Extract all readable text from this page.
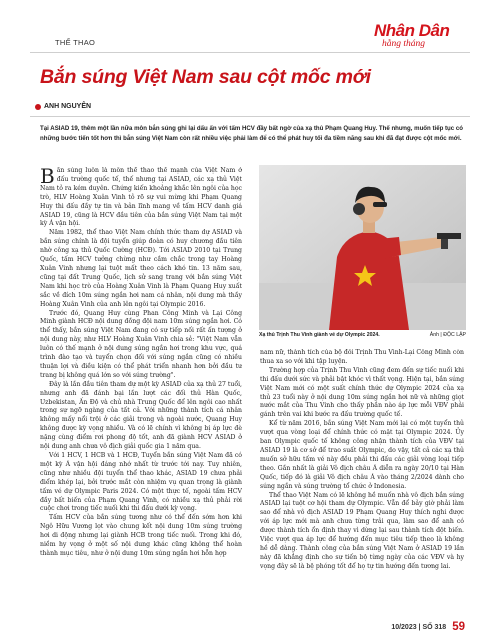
THỂ THAO
Nhân Dân
hằng tháng
Bắn súng Việt Nam sau cột mốc mới
ANH NGUYÊN
Tại ASIAD 19, thêm một lần nữa môn bắn súng ghi lại dấu ấn với tấm HCV đầy bất ngờ của xạ thủ Phạm Quang Huy. Thế nhưng, muốn tiếp tục có những bước tiến tốt hơn thì bắn súng Việt Nam còn rất nhiều việc phải làm để có thể phát huy tối đa tiềm năng sau khi đã đạt được cột mốc mới.

Bắn súng luôn là môn thể thao thế mạnh của Việt Nam ở đấu trường quốc tế, thế nhưng tại ASIAD, các xạ thủ Việt Nam tỏ ra kém duyên. Chứng kiến khoảng khắc lên ngôi của học trò, HLV Hoàng Xuân Vinh tỏ rõ sự vui mừng khi Phạm Quang Huy thi đấu đầy tự tin và bản lĩnh mang về tấm HCV danh giá ASIAD 19, cũng là HCV đầu tiên của bắn súng Việt Nam tại một kỳ Á vận hội.

Năm 1982, thể thao Việt Nam chính thức tham dự ASIAD và bắn súng chính là đội tuyển giúp đoàn có huy chương đầu tiên nhờ công xạ thủ Quốc Cường (HCĐ). Tới ASIAD 2010 tại Trung Quốc, tấm HCV tưởng chừng như cầm chắc trong tay Hoàng Xuân Vinh nhưng lại tuột mất theo cách khó tin. 13 năm sau, cũng tại đất Trung Quốc, lịch sử sang trang với bắn súng Việt Nam khi học trò của Hoàng Xuân Vinh là Phạm Quang Huy xuất sắc về đích 10m súng ngắn hơi nam cá nhân, nội dung mà thầy Hoàng Xuân Vinh của anh lên ngôi tại Olympic 2016.

Trước đó, Quang Huy cùng Phan Công Minh và Lại Công Minh giành HCĐ nội dung đồng đội nam 10m súng ngắn hơi. Có thể thấy, bắn súng Việt Nam đang có sự tiếp nối rất ấn tượng ở nội dung này, như HLV Hoàng Xuân Vinh chia sẻ: "Việt Nam vẫn luôn có thế mạnh ở nội dung súng ngắn hơi trong khu vực, quá trình đào tạo và tuyển chọn đối với súng ngắn cũng có nhiều thuận lợi và điều kiện có thể phát triển nhanh hơn bởi đầu tư trang bị không quá lớn so với súng trường".

Đây là lần đầu tiên tham dự một kỳ ASIAD của xạ thủ 27 tuổi, nhưng anh đã đánh bại lần lượt các đối thủ Hàn Quốc, Uzbekistan, Ấn Độ và chủ nhà Trung Quốc để lên ngôi cao nhất trong sự ngỡ ngàng của tất cả. Với những thành tích cá nhân không mấy nổi trội ở các giải trong và ngoài nước, Quang Huy không được kỳ vọng nhiều. Và có lẽ chính vì không bị áp lực đè nặng cùng điểm rơi phong độ tốt, anh đã giành HCV ASIAD ở nội dung anh chưa vô địch giải quốc gia 1 năm qua.

Với 1 HCV, 1 HCB và 1 HCĐ, Tuyển bắn súng Việt Nam đã có một kỳ Á vận hội đáng nhớ nhất từ trước tới nay. Tuy nhiên, cũng như nhiều đội tuyển thể thao khác, ASIAD 19 chưa phải điểm khép lại, bởi trước mắt còn nhiệm vụ quan trọng là giành tấm vé dự Olympic Paris 2024. Có một thực tế, ngoài tấm HCV đầy bất biến của Phạm Quang Vinh, có nhiều xạ thủ phải rời cuộc chơi trong tiếc nuối khi thi đấu dưới kỳ vọng.

Tấm HCV của bắn súng tương như có thể đến sớm hơn khi Ngô Hữu Vương lọt vào chung kết nội dung 10m súng trường hơi di động nhưng lại giành HCB trong tiếc nuối. Trong khi đó, niềm hy vọng ở một số nội dung khác cũng không thể hoàn thành mục tiêu, như ở nội dung 10m súng ngắn hơi hỗn hợp

Xạ thủ Trịnh Thu Vinh giành vé dự Olympic 2024.	Ảnh | ĐỘC LẬP

nam nữ, thành tích của bộ đôi Trịnh Thu Vinh-Lại Công Minh còn thua xa so với khi tập luyện.

Trường hợp của Trịnh Thu Vinh cũng đem đến sự tiếc nuối khi thi đấu dưới sức và phải bật khóc vì thất vọng. Hiện tại, bắn súng Việt Nam mới có một suất chính thức dự Olympic 2024 của xạ thủ 23 tuổi này ở nội dung 10m súng ngắn hơi nữ và những giọt nước mắt của Thu Vinh cho thấy phần nào áp lực mỗi VĐV phải gánh trên vai khi bước ra đấu trường quốc tế.

Kể từ năm 2016, bắn súng Việt Nam mới lại có một tuyển thủ vượt qua vòng loại để chính thức có mặt tại Olympic 2024. Ủy ban Olympic quốc tế không công nhận thành tích của VĐV tại ASIAD 19 là cơ sở để trao suất Olympic, do vậy, tất cả các xạ thủ muốn sở hữu tấm vé này đều phải thi đấu các giải vòng loại tiếp theo. Gần nhất là giải Vô địch châu Á diễn ra ngày 20/10 tại Hàn Quốc, tiếp đó là giải Vô địch châu Á vào tháng 2/2024 dành cho súng ngắn và súng trường tổ chức ở Indonesia.

Thể thao Việt Nam có lẽ không hề muốn nhà vô địch bắn súng ASIAD lại tuột cơ hội tham dự Olympic. Vẫn để bảy giờ phải làm sao để nhà vô địch ASIAD 19 Phạm Quang Huy thích nghi được với áp lực mới mà anh chưa từng trải qua, làm sao để anh có được thành tích ổn định thay vì dừng lại sau thành tích đột biến. Việc vượt qua áp lực để hướng đến mục tiêu tiếp theo là không hề dễ dàng. Thành công của bắn súng Việt Nam ở ASIAD 19 lần này đã khẳng định cho sự tiến bộ từng ngày của các VĐV và hy vọng đây sẽ là bệ phóng tốt để họ tự tin hướng đến tương lai.

10/2023 | SỐ 318 59
